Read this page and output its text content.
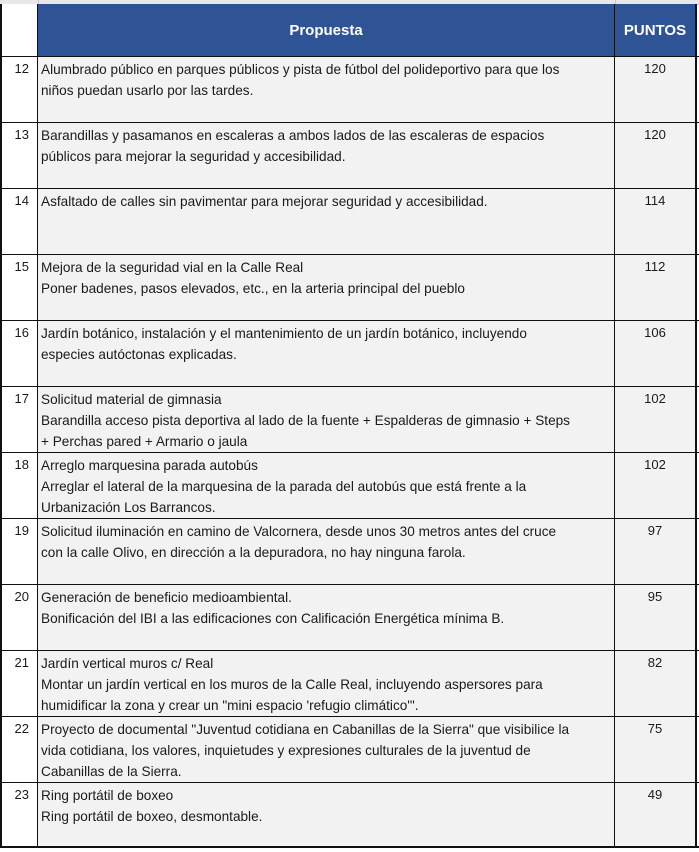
Propuesta	PUNTOS
12 Alumbrado público en parques públicos y pista de fútbol del polideportivo para que los
niños puedan usarlo por las tardes.
120
13 Barandillas y pasamanos en escaleras a ambos lados de las escaleras de espacios
públicos para mejorar la seguridad y accesibilidad.
120
14 Asfaltado de calles sin pavimentar para mejorar seguridad y accesibilidad.	114
15 Mejora de la seguridad vial en la Calle Real
Poner badenes, pasos elevados, etc., en la arteria principal del pueblo
112
16 Jardín botánico, instalación y el mantenimiento de un jardín botánico, incluyendo
especies autóctonas explicadas.
106
17 Solicitud material de gimnasia
Barandilla acceso pista deportiva al lado de la fuente + Espalderas de gimnasio + Steps
+ Perchas pared + Armario o jaula
102
18 Arreglo marquesina parada autobús
Arreglar el lateral de la marquesina de la parada del autobús que está frente a la
Urbanización Los Barrancos.
102
19 Solicitud iluminación en camino de Valcornera, desde unos 30 metros antes del cruce
con la calle Olivo, en dirección a la depuradora, no hay ninguna farola.
97
20 Generación de beneficio medioambiental.
Bonificación del IBI a las edificaciones con Calificación Energética mínima B.
95
21 Jardín vertical muros c/ Real
Montar un jardín vertical en los muros de la Calle Real, incluyendo aspersores para
humidificar la zona y crear un "mini espacio 'refugio climático'".
82
22 Proyecto de documental "Juventud cotidiana en Cabanillas de la Sierra" que visibilice la
vida cotidiana, los valores, inquietudes y expresiones culturales de la juventud de
Cabanillas de la Sierra.
75
23 Ring portátil de boxeo
Ring portátil de boxeo, desmontable.
49
